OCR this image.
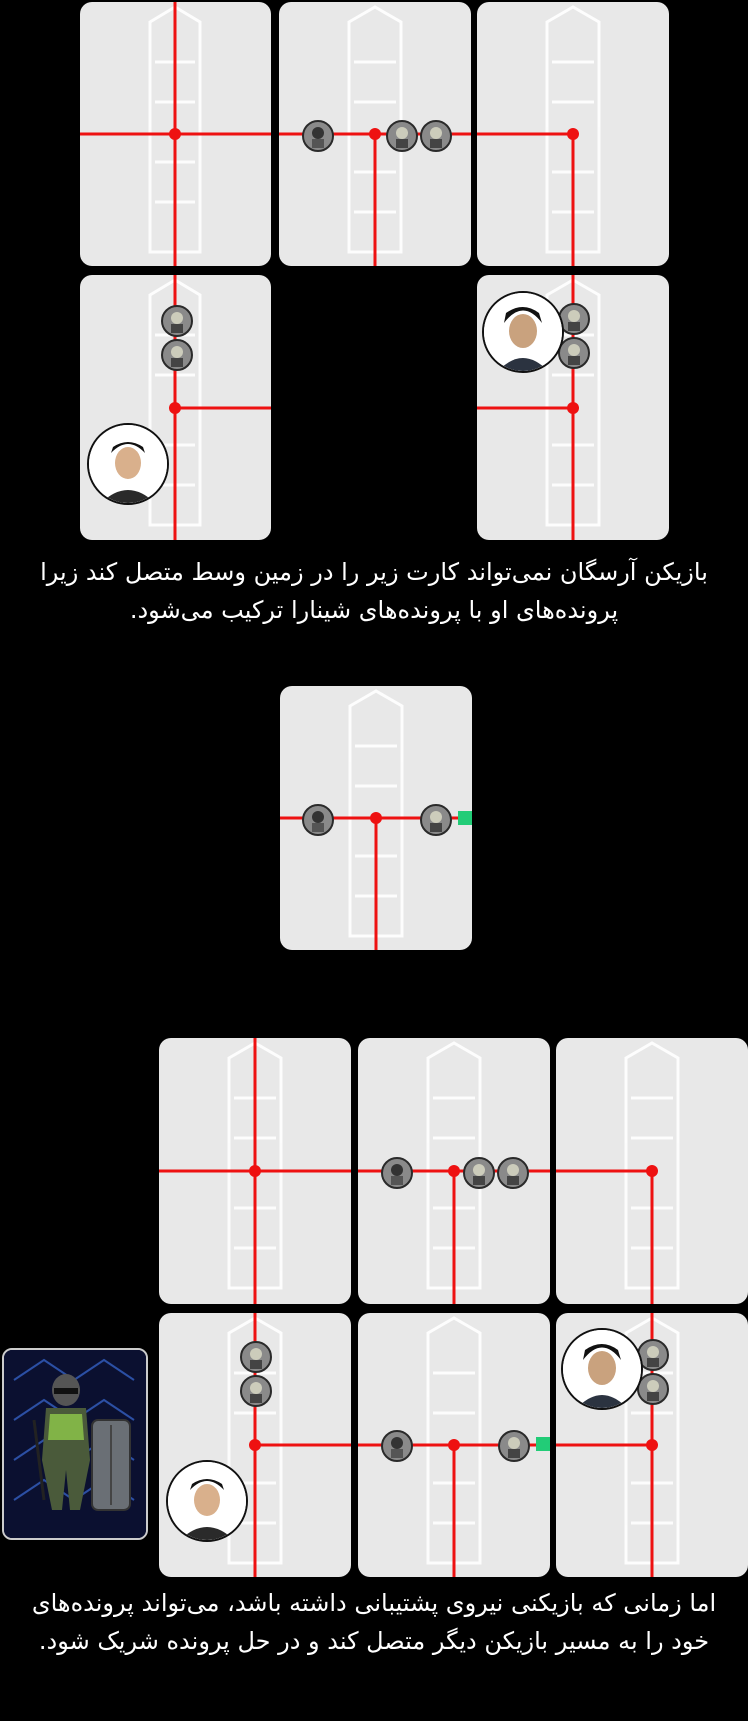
بازیکن آرسگان نمی‌تواند کارت زیر را در زمین وسط متصل کند زیرا پرونده‌های او با پرونده‌های شینارا ترکیب می‌شود.
اما زمانی که بازیکنی نیروی پشتیبانی داشته باشد، می‌تواند پرونده‌های خود را به مسیر بازیکن دیگر متصل کند و در حل پرونده شریک شود.
